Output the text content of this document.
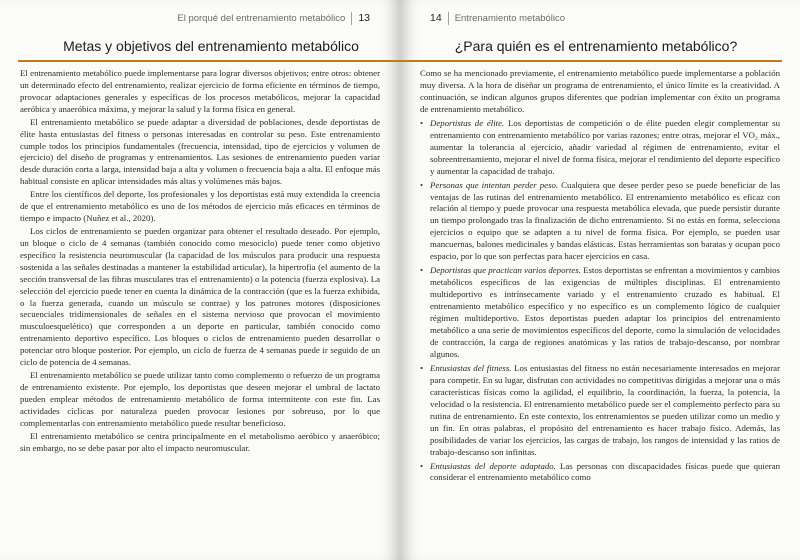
El porqué del entrenamiento metabólico 13
Metas y objetivos del entrenamiento metabólico

El entrenamiento metabólico puede implementarse para lograr diversos objetivos; entre otros: obtener un determinado efecto del entrenamiento, realizar ejercicio de forma eficiente en términos de tiempo, provocar adaptaciones generales y específicas de los procesos metabólicos, mejorar la capacidad aeróbica y anaeróbica máxima, y mejorar la salud y la forma física en general.

El entrenamiento metabólico se puede adaptar a diversidad de poblaciones, desde deportistas de élite hasta entusiastas del fitness o personas interesadas en controlar su peso. Este entrenamiento cumple todos los principios fundamentales (frecuencia, intensidad, tipo de ejercicios y volumen de ejercicio) del diseño de programas y entrenamientos. Las sesiones de entrenamiento pueden variar desde duración corta a larga, intensidad baja a alta y volumen o frecuencia baja a alta. El enfoque más habitual consiste en aplicar intensidades más altas y volúmenes más bajos.

Entre los científicos del deporte, los profesionales y los deportistas está muy extendida la creencia de que el entrenamiento metabólico es uno de los métodos de ejercicio más eficaces en términos de tiempo e impacto (Nuñez et al., 2020).

Los ciclos de entrenamiento se pueden organizar para obtener el resultado deseado. Por ejemplo, un bloque o ciclo de 4 semanas (también conocido como mesociclo) puede tener como objetivo específico la resistencia neuromuscular (la capacidad de los músculos para producir una respuesta sostenida a las señales destinadas a mantener la estabilidad articular), la hipertrofia (el aumento de la sección transversal de las fibras musculares tras el entrenamiento) o la potencia (fuerza explosiva). La selección del ejercicio puede tener en cuenta la dinámica de la contracción (que es la fuerza exhibida, o la fuerza generada, cuando un músculo se contrae) y los patrones motores (disposiciones secuenciales tridimensionales de señales en el sistema nervioso que provocan el movimiento musculoesquelético) que corresponden a un deporte en particular, también conocido como entrenamiento deportivo específico. Los bloques o ciclos de entrenamiento pueden desarrollar o potenciar otro bloque posterior. Por ejemplo, un ciclo de fuerza de 4 semanas puede ir seguido de un ciclo de potencia de 4 semanas.

El entrenamiento metabólico se puede utilizar tanto como complemento o refuerzo de un programa de entrenamiento existente. Por ejemplo, los deportistas que deseen mejorar el umbral de lactato pueden emplear métodos de entrenamiento metabólico de forma intermitente con este fin. Las actividades cíclicas por naturaleza pueden provocar lesiones por sobreuso, por lo que complementarlas con entrenamiento metabólico puede resultar beneficioso.

El entrenamiento metabólico se centra principalmente en el metabolismo aeróbico y anaeróbico; sin embargo, no se debe pasar por alto el impacto neuromuscular.

14 Entrenamiento metabólico
¿Para quién es el entrenamiento metabólico?

Como se ha mencionado previamente, el entrenamiento metabólico puede implementarse a población muy diversa. A la hora de diseñar un programa de entrenamiento, el único límite es la creatividad. A continuación, se indican algunos grupos diferentes que podrían implementar con éxito un programa de entrenamiento metabólico.

• Deportistas de élite. Los deportistas de competición o de élite pueden elegir complementar su entrenamiento con entrenamiento metabólico por varias razones; entre otras, mejorar el VO₂ máx., aumentar la tolerancia al ejercicio, añadir variedad al régimen de entrenamiento, evitar el sobreentrenamiento, mejorar el nivel de forma física, mejorar el rendimiento del deporte específico y aumentar la capacidad de trabajo.
• Personas que intentan perder peso. Cualquiera que desee perder peso se puede beneficiar de las ventajas de las rutinas del entrenamiento metabólico. El entrenamiento metabólico es eficaz con relación al tiempo y puede provocar una respuesta metabólica elevada, que puede persistir durante un tiempo prolongado tras la finalización de dicho entrenamiento. Si no estás en forma, selecciona ejercicios o equipo que se adapten a tu nivel de forma física. Por ejemplo, se pueden usar mancuernas, balones medicinales y bandas elásticas. Estas herramientas son baratas y ocupan poco espacio, por lo que son perfectas para hacer ejercicios en casa.
• Deportistas que practican varios deportes. Estos deportistas se enfrentan a movimientos y cambios metabólicos específicos de las exigencias de múltiples disciplinas. El entrenamiento multideportivo es intrínsecamente variado y el entrenamiento cruzado es habitual. El entrenamiento metabólico específico y no específico es un complemento lógico de cualquier régimen multideportivo. Estos deportistas pueden adaptar los principios del entrenamiento metabólico a una serie de movimientos específicos del deporte, como la simulación de velocidades de contracción, la carga de regiones anatómicas y las ratios de trabajo-descanso, por nombrar algunos.
• Entusiastas del fitness. Los entusiastas del fitness no están necesariamente interesados en mejorar para competir. En su lugar, disfrutan con actividades no competitivas dirigidas a mejorar una o más características físicas como la agilidad, el equilibrio, la coordinación, la fuerza, la potencia, la velocidad o la resistencia. El entrenamiento metabólico puede ser el complemento perfecto para su rutina de entrenamiento. En este contexto, los entrenamientos se pueden utilizar como un medio y un fin. En otras palabras, el propósito del entrenamiento es hacer trabajo físico. Además, las posibilidades de variar los ejercicios, las cargas de trabajo, los rangos de intensidad y las ratios de trabajo-descanso son infinitas.
• Entusiastas del deporte adaptado. Las personas con discapacidades físicas puede que quieran considerar el entrenamiento metabólico como
